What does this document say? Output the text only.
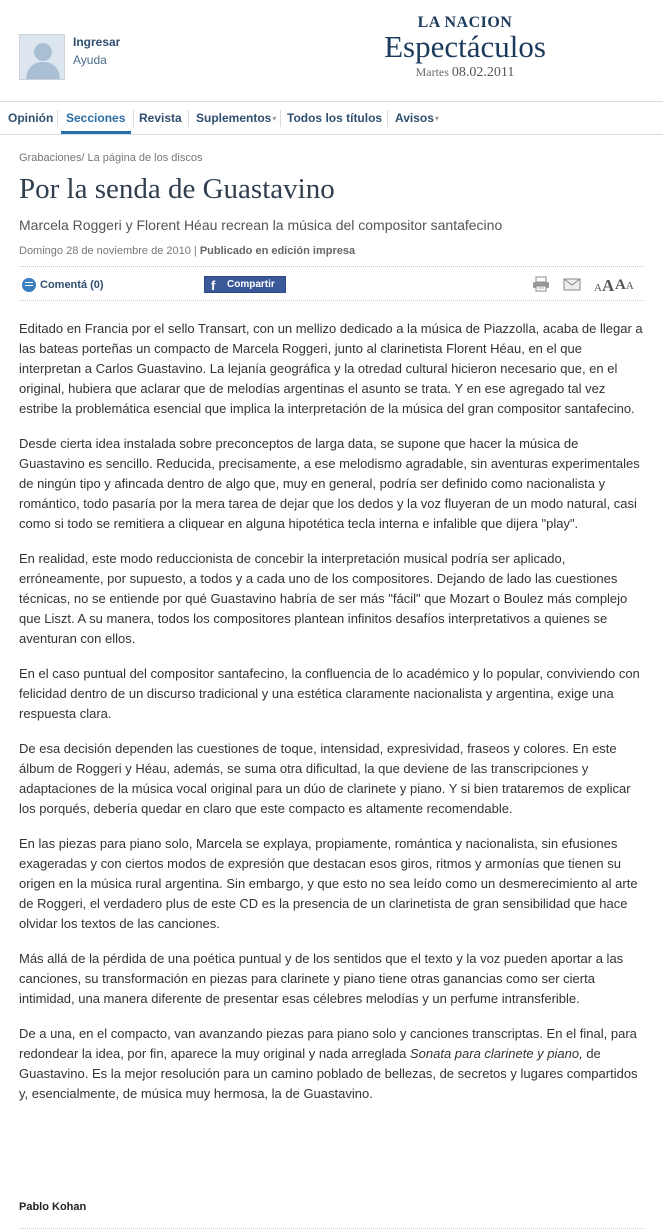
Ingresar
Ayuda
LA NACION
Espectáculos
Martes 08.02.2011
Opinión Secciones Revista Suplementos▾ Todos los títulos Avisos▾
Grabaciones/ La página de los discos
Por la senda de Guastavino
Marcela Roggeri y Florent Héau recrean la música del compositor santafecino
Domingo 28 de noviembre de 2010 | Publicado en edición impresa
Comentá (0)	f Compartir	AA AA

Editado en Francia por el sello Transart, con un mellizo dedicado a la música de Piazzolla, acaba de llegar a las bateas porteñas un compacto de Marcela Roggeri, junto al clarinetista Florent Héau, en el que interpretan a Carlos Guastavino. La lejanía geográfica y la otredad cultural hicieron necesario que, en el original, hubiera que aclarar que de melodías argentinas el asunto se trata. Y en ese agregado tal vez estribe la problemática esencial que implica la interpretación de la música del gran compositor santafecino.

Desde cierta idea instalada sobre preconceptos de larga data, se supone que hacer la música de Guastavino es sencillo. Reducida, precisamente, a ese melodismo agradable, sin aventuras experimentales de ningún tipo y afincada dentro de algo que, muy en general, podría ser definido como nacionalista y romántico, todo pasaría por la mera tarea de dejar que los dedos y la voz fluyeran de un modo natural, casi como si todo se remitiera a cliquear en alguna hipotética tecla interna e infalible que dijera "play".

En realidad, este modo reduccionista de concebir la interpretación musical podría ser aplicado, erróneamente, por supuesto, a todos y a cada uno de los compositores. Dejando de lado las cuestiones técnicas, no se entiende por qué Guastavino habría de ser más "fácil" que Mozart o Boulez más complejo que Liszt. A su manera, todos los compositores plantean infinitos desafíos interpretativos a quienes se aventuran con ellos.

En el caso puntual del compositor santafecino, la confluencia de lo académico y lo popular, conviviendo con felicidad dentro de un discurso tradicional y una estética claramente nacionalista y argentina, exige una respuesta clara.

De esa decisión dependen las cuestiones de toque, intensidad, expresividad, fraseos y colores. En este álbum de Roggeri y Héau, además, se suma otra dificultad, la que deviene de las transcripciones y adaptaciones de la música vocal original para un dúo de clarinete y piano. Y si bien trataremos de explicar los porqués, debería quedar en claro que este compacto es altamente recomendable.

En las piezas para piano solo, Marcela se explaya, propiamente, romántica y nacionalista, sin efusiones exageradas y con ciertos modos de expresión que destacan esos giros, ritmos y armonías que tienen su origen en la música rural argentina. Sin embargo, y que esto no sea leído como un desmerecimiento al arte de Roggeri, el verdadero plus de este CD es la presencia de un clarinetista de gran sensibilidad que hace olvidar los textos de las canciones.

Más allá de la pérdida de una poética puntual y de los sentidos que el texto y la voz pueden aportar a las canciones, su transformación en piezas para clarinete y piano tiene otras ganancias como ser cierta intimidad, una manera diferente de presentar esas célebres melodías y un perfume intransferible.

De a una, en el compacto, van avanzando piezas para piano solo y canciones transcriptas. En el final, para redondear la idea, por fin, aparece la muy original y nada arreglada Sonata para clarinete y piano, de Guastavino. Es la mejor resolución para un camino poblado de bellezas, de secretos y lugares compartidos y, esencialmente, de música muy hermosa, la de Guastavino.

Pablo Kohan
